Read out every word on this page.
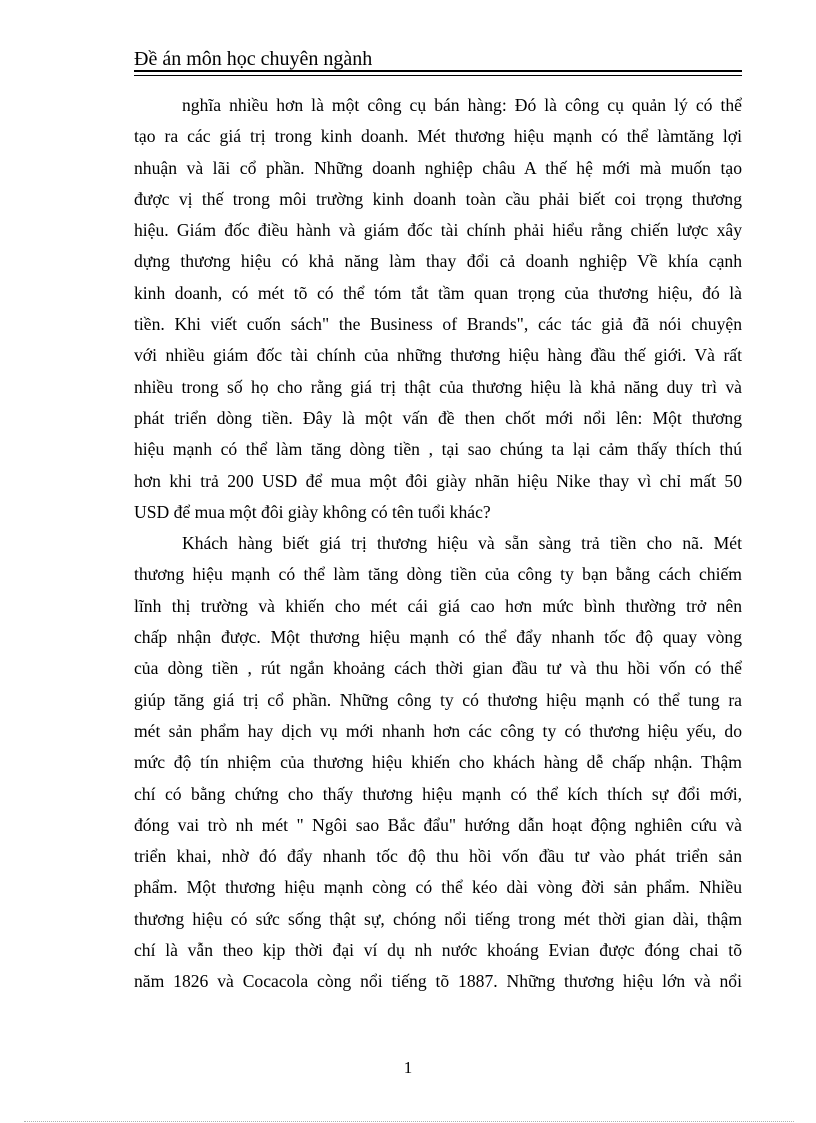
Đề án môn học chuyên ngành
nghĩa nhiều hơn là một công cụ bán hàng: Đó là công cụ quản lý có thể
tạo ra các giá trị trong kinh doanh. Mét thương hiệu mạnh có thể làmtăng lợi
nhuận và lãi cổ phần. Những doanh nghiệp châu A thế hệ mới mà muốn tạo
được vị thế trong môi trường kinh doanh toàn cầu phải biết coi trọng thương
hiệu. Giám đốc điều hành và giám đốc tài chính phải hiểu rằng chiến lược xây
dựng thương hiệu có khả năng làm thay đổi cả doanh nghiệp Về khía cạnh
kinh doanh, có mét tõ có thể tóm tắt tầm quan trọng của thương hiệu, đó là
tiền. Khi viết cuốn sách" the Business of Brands", các tác giả đã nói chuyện
với nhiều giám đốc tài chính của những thương hiệu hàng đầu thế giới. Và rất
nhiều trong số họ cho rằng giá trị thật của thương hiệu là khả năng duy trì và
phát triển dòng tiền. Đây là một vấn đề then chốt mới nổi lên: Một thương
hiệu mạnh có thể làm tăng dòng tiền , tại sao chúng ta lại cảm thấy thích thú
hơn khi trả 200 USD để mua một đôi giày nhãn hiệu Nike thay vì chỉ mất 50
USD để mua một đôi giày không có tên tuổi khác?
Khách hàng biết giá trị thương hiệu và sẵn sàng trả tiền cho nã. Mét
thương hiệu mạnh có thể làm tăng dòng tiền của công ty bạn bằng cách chiếm
lĩnh thị trường và khiến cho mét cái giá cao hơn mức bình thường trở nên
chấp nhận được. Một thương hiệu mạnh có thể đẩy nhanh tốc độ quay vòng
của dòng tiền , rút ngắn khoảng cách thời gian đầu tư và thu hồi vốn có thể
giúp tăng giá trị cổ phần. Những công ty có thương hiệu mạnh có thể tung ra
mét sản phẩm hay dịch vụ mới nhanh hơn các công ty có thương hiệu yếu, do
mức độ tín nhiệm của thương hiệu khiến cho khách hàng dễ chấp nhận. Thậm
chí có bằng chứng cho thấy thương hiệu mạnh có thể kích thích sự đổi mới,
đóng vai trò nh mét " Ngôi sao Bắc đẩu" hướng dẫn hoạt động nghiên cứu và
triển khai, nhờ đó đẩy nhanh tốc độ thu hồi vốn đầu tư vào phát triển sản
phẩm. Một thương hiệu mạnh còng có thể kéo dài vòng đời sản phẩm. Nhiều
thương hiệu có sức sống thật sự, chóng nổi tiếng trong mét thời gian dài, thậm
chí là vẫn theo kịp thời đại ví dụ nh nước khoáng Evian được đóng chai tõ
năm 1826 và Cocacola còng nổi tiếng tõ 1887. Những thương hiệu lớn và nổi
1
